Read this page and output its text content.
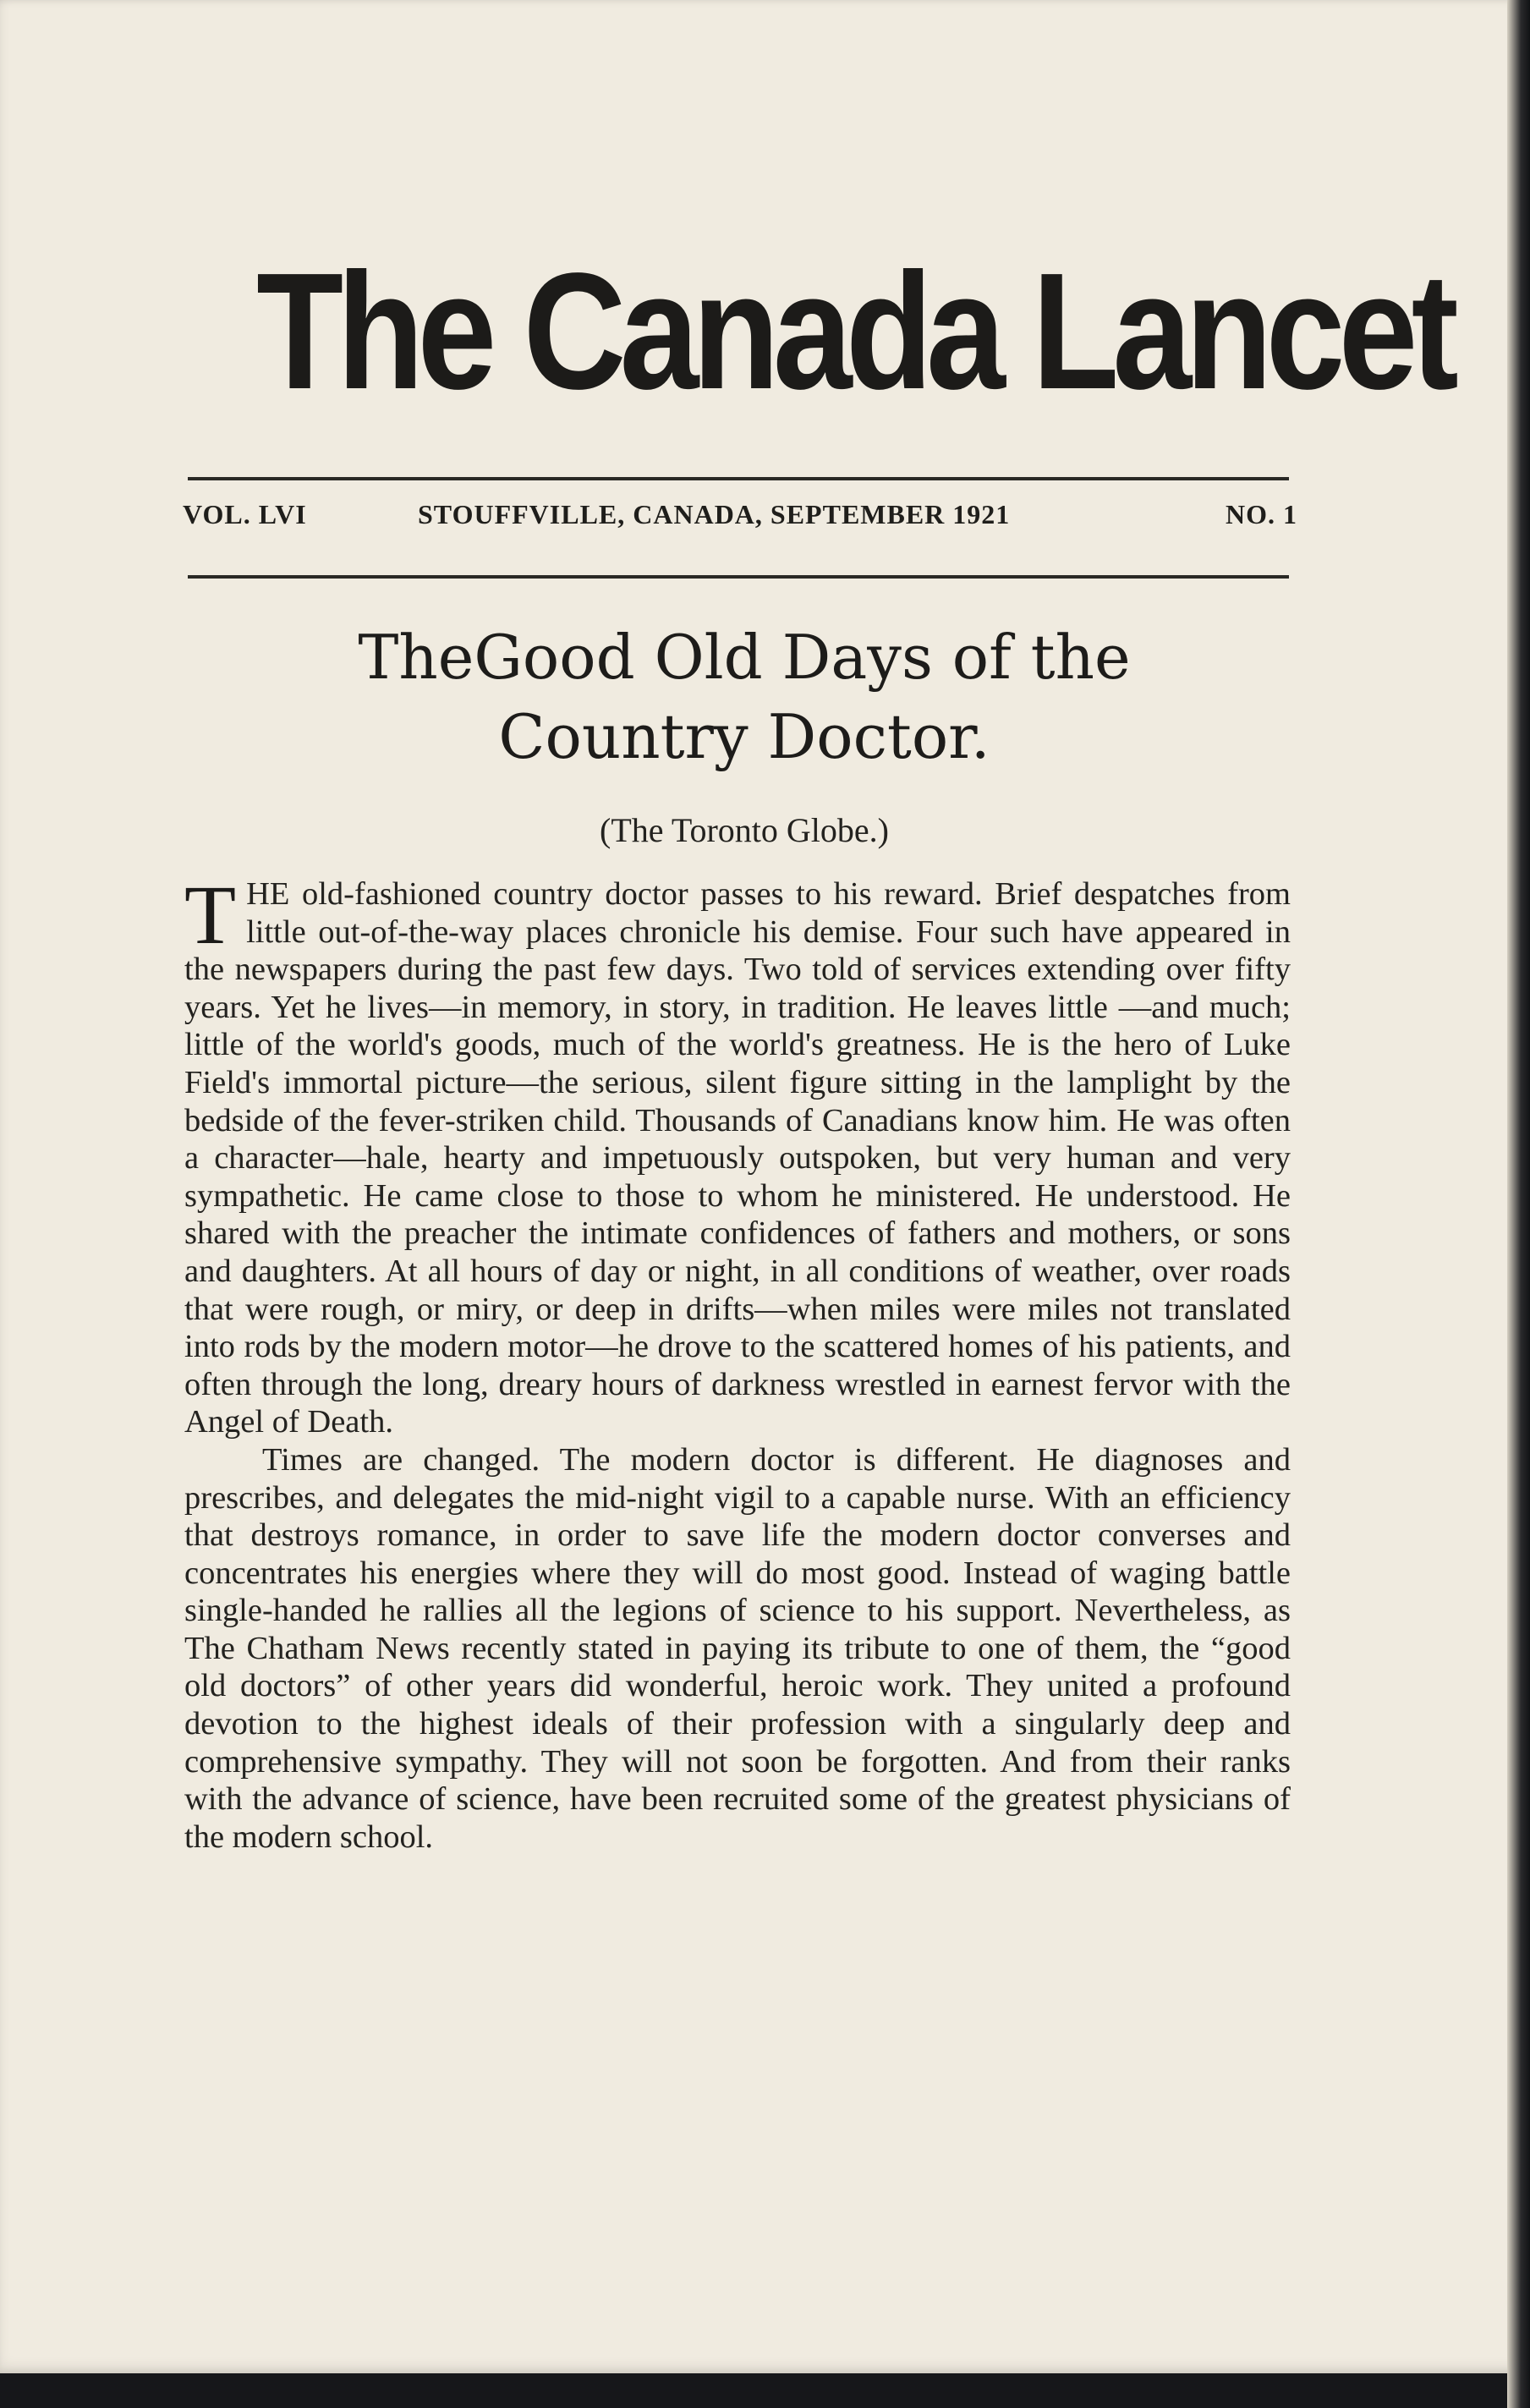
The Canada Lancet
VOL. LVI	STOUFFVILLE, CANADA, SEPTEMBER 1921	NO. 1
TheGood Old Days of the
Country Doctor.
(The Toronto Globe.)

THE old-fashioned country doctor passes to his reward. Brief despatches from little out-of-the-way places chronicle his demise. Four such have appeared in the newspapers during the past few days. Two told of services extending over fifty years. Yet he lives—in memory, in story, in tradition. He leaves little —and much; little of the world's goods, much of the world's greatness. He is the hero of Luke Field's immortal picture—the serious, silent figure sitting in the lamplight by the bedside of the fever-striken child. Thousands of Canadians know him. He was often a character—hale, hearty and impetuously outspoken, but very human and very sympathetic. He came close to those to whom he ministered. He understood. He shared with the preacher the intimate confidences of fathers and mothers, or sons and daughters. At all hours of day or night, in all conditions of weather, over roads that were rough, or miry, or deep in drifts—when miles were miles not translated into rods by the modern motor—he drove to the scattered homes of his patients, and often through the long, dreary hours of darkness wrestled in earnest fervor with the Angel of Death.

Times are changed. The modern doctor is different. He diagnoses and prescribes, and delegates the mid-night vigil to a capable nurse. With an efficiency that destroys romance, in order to save life the modern doctor converses and concentrates his energies where they will do most good. Instead of waging battle single-handed he rallies all the legions of science to his support. Nevertheless, as The Chatham News recently stated in paying its tribute to one of them, the “good old doctors” of other years did wonderful, heroic work. They united a profound devotion to the highest ideals of their profession with a singularly deep and comprehensive sympathy. They will not soon be forgotten. And from their ranks with the advance of science, have been recruited some of the greatest physicians of the modern school.
